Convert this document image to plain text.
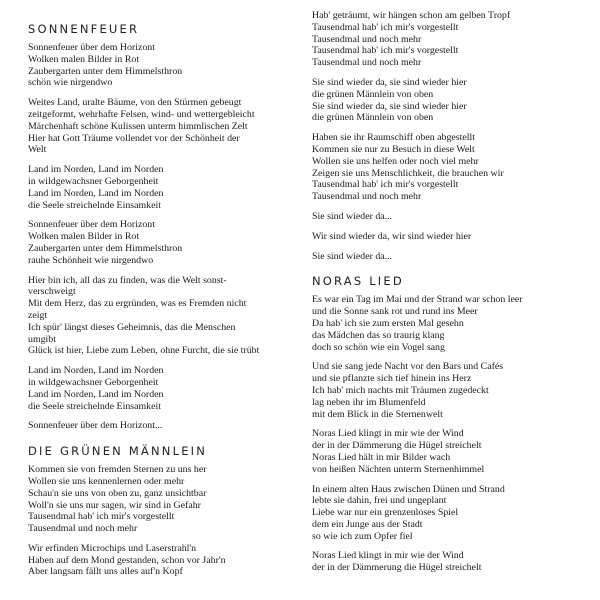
SONNENFEUER
Sonnenfeuer über dem Horizont
Wolken malen Bilder in Rot
Zaubergarten unter dem Himmelsthron
schön wie nirgendwo
Weites Land, uralte Bäume, von den Stürmen gebeugt
zeitgeformt, wehrhafte Felsen, wind- und wettergebleicht
Märchenhaft schöne Kulissen unterm himmlischen Zelt
Hier hat Gott Träume vollendet vor der Schönheit der
Welt
Land im Norden, Land im Norden
in wildgewachsner Geborgenheit
Land im Norden, Land im Norden
die Seele streichelnde Einsamkeit
Sonnenfeuer über dem Horizont
Wolken malen Bilder in Rot
Zaubergarten unter dem Himmelsthron
rauhe Schönheit wie nirgendwo
Hier bin ich, all das zu finden, was die Welt sonst-
verschweigt
Mit dem Herz, das zu ergründen, was es Fremden nicht
zeigt
Ich spür' längst dieses Geheimnis, das die Menschen
umgibt
Glück ist hier, Liebe zum Leben, ohne Furcht, die sie trübt
Land im Norden, Land im Norden
in wildgewachsner Geborgenheit
Land im Norden, Land im Norden
die Seele streichelnde Einsamkeit
Sonnenfeuer über dem Horizont...
DIE GRÜNEN MÄNNLEIN
Kommen sie von fremden Sternen zu uns her
Wollen sie uns kennenlernen oder mehr
Schau'n sie uns von oben zu, ganz unsichtbar
Woll'n sie uns nur sagen, wir sind in Gefahr
Tausendmal hab' ich mir's vorgestellt
Tausendmal und noch mehr
Wir erfinden Microchips und Laserstrahl'n
Haben auf dem Mond gestanden, schon vor Jahr'n
Aber langsam fällt uns alles auf'n Kopf
Hab' geträumt, wir hängen schon am gelben Tropf
Tausendmal hab' ich mir's vorgestellt
Tausendmal und noch mehr
Tausendmal hab' ich mir's vorgestellt
Tausendmal und noch mehr
Sie sind wieder da, sie sind wieder hier
die grünen Männlein von oben
Sie sind wieder da, sie sind wieder hier
die grünen Männlein von oben
Haben sie ihr Raumschiff oben abgestellt
Kommen sie nur zu Besuch in diese Welt
Wollen sie uns helfen oder noch viel mehr
Zeigen sie uns Menschlichkeit, die brauchen wir
Tausendmal hab' ich mir's vorgestellt
Tausendmal und noch mehr
Sie sind wieder da...
Wir sind wieder da, wir sind wieder hier
Sie sind wieder da...
NORAS LIED
Es war ein Tag im Mai und der Strand war schon leer
und die Sonne sank rot und rund ins Meer
Da hab' ich sie zum ersten Mal gesehn
das Mädchen das so traurig klang
doch so schön wie ein Vogel sang
Und sie sang jede Nacht vor den Bars und Cafés
und sie pflanzte sich tief hinein ins Herz
Ich hab' mich nachts mit Träumen zugedeckt
lag neben ihr im Blumenfeld
mit dem Blick in die Sternenwelt
Noras Lied klingt in mir wie der Wind
der in der Dämmerung die Hügel streichelt
Noras Lied hält in mir Bilder wach
von heißen Nächten unterm Sternenhimmel
In einem alten Haus zwischen Dünen und Strand
lebte sie dahin, frei und ungeplant
Liebe war nur ein grenzenloses Spiel
dem ein Junge aus der Stadt
so wie ich zum Opfer fiel
Noras Lied klingt in mir wie der Wind
der in der Dämmerung die Hügel streichelt
